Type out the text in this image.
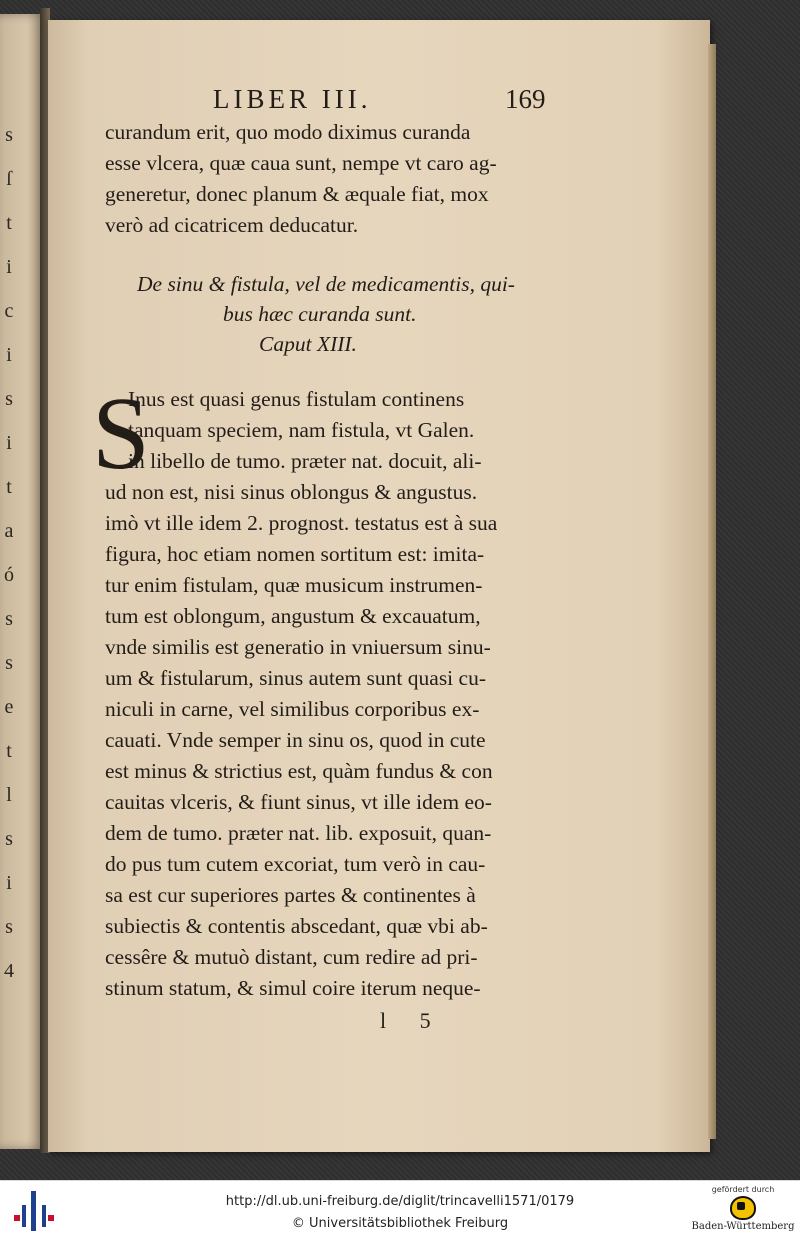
s
ſ
t
i
c
i
s
i
t
a
ó
s
s
e
t
l
s
i
s
4
LIBER III.	169
curandum erit, quo modo diximus curanda
esse vlcera, quæ caua sunt, nempe vt caro ag-
generetur, donec planum & æquale fiat, mox
verò ad cicatricem deducatur.
De sinu & fistula, vel de medicamentis, qui-
bus hæc curanda sunt.
Caput XIII.
S
Inus est quasi genus fistulam continens
tanquam speciem, nam fistula, vt Galen.
in libello de tumo. præter nat. docuit, ali-
ud non est, nisi sinus oblongus & angustus.
imò vt ille idem 2. prognost. testatus est à sua
figura, hoc etiam nomen sortitum est: imita-
tur enim fistulam, quæ musicum instrumen-
tum est oblongum, angustum & excauatum,
vnde similis est generatio in vniuersum sinu-
um & fistularum, sinus autem sunt quasi cu-
niculi in carne, vel similibus corporibus ex-
cauati. Vnde semper in sinu os, quod in cute
est minus & strictius est, quàm fundus & con
cauitas vlceris, & fiunt sinus, vt ille idem eo-
dem de tumo. præter nat. lib. exposuit, quan-
do pus tum cutem excoriat, tum verò in cau-
sa est cur superiores partes & continentes à
subiectis & contentis abscedant, quæ vbi ab-
cessêre & mutuò distant, cum redire ad pri-
stinum statum, & simul coire iterum neque-
l 5
http://dl.ub.uni-freiburg.de/diglit/trincavelli1571/0179
© Universitätsbibliothek Freiburg
gefördert durch
Baden-Württemberg
